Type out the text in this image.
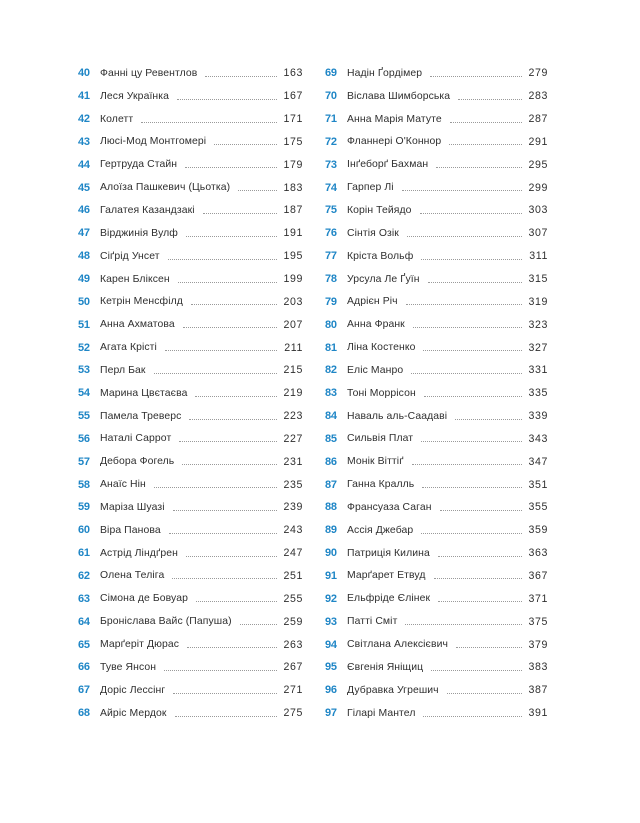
40 Фанні цу Ревентлов	163
41 Леся Українка	167
42 Колетт	171
43 Люсі-Мод Монтгомері	175
44 Гертруда Стайн	179
45 Алоїза Пашкевич (Цьотка)	183
46 Галатея Казандзакі	187
47 Вірджинія Вулф	191
48 Сіґрід Унсет	195
49 Карен Бліксен	199
50 Кетрін Менсфілд	203
51 Анна Ахматова	207
52 Агата Крісті	211
53 Перл Бак	215
54 Марина Цвєтаєва	219
55 Памела Треверс	223
56 Наталі Саррот	227
57 Дебора Фогель	231
58 Анаїс Нін	235
59 Маріза Шуазі	239
60 Віра Панова	243
61 Астрід Ліндґрен	247
62 Олена Теліга	251
63 Сімона де Бовуар	255
64 Броніслава Вайс (Папуша)	259
65 Марґеріт Дюрас	263
66 Туве Янсон	267
67 Доріс Лессінг	271
68 Айріс Мердок	275
69 Надін Ґордімер	279
70 Віслава Шимборська	283
71 Анна Марія Матуте	287
72 Фланнері О'Коннор	291
73 Інґеборґ Бахман	295
74 Гарпер Лі	299
75 Корін Тейядо	303
76 Сінтія Озік	307
77 Кріста Вольф	311
78 Урсула Ле Ґуїн	315
79 Адрієн Річ	319
80 Анна Франк	323
81 Ліна Костенко	327
82 Еліс Манро	331
83 Тоні Моррісон	335
84 Наваль аль-Саадаві	339
85 Сильвія Плат	343
86 Монік Віттіґ	347
87 Ганна Кралль	351
88 Франсуаза Саган	355
89 Ассія Джебар	359
90 Патриція Килина	363
91 Марґарет Етвуд	367
92 Ельфріде Єлінек	371
93 Патті Сміт	375
94 Світлана Алексієвич	379
95 Євгенія Яніщиц	383
96 Дубравка Угрешич	387
97 Гіларі Мантел	391
